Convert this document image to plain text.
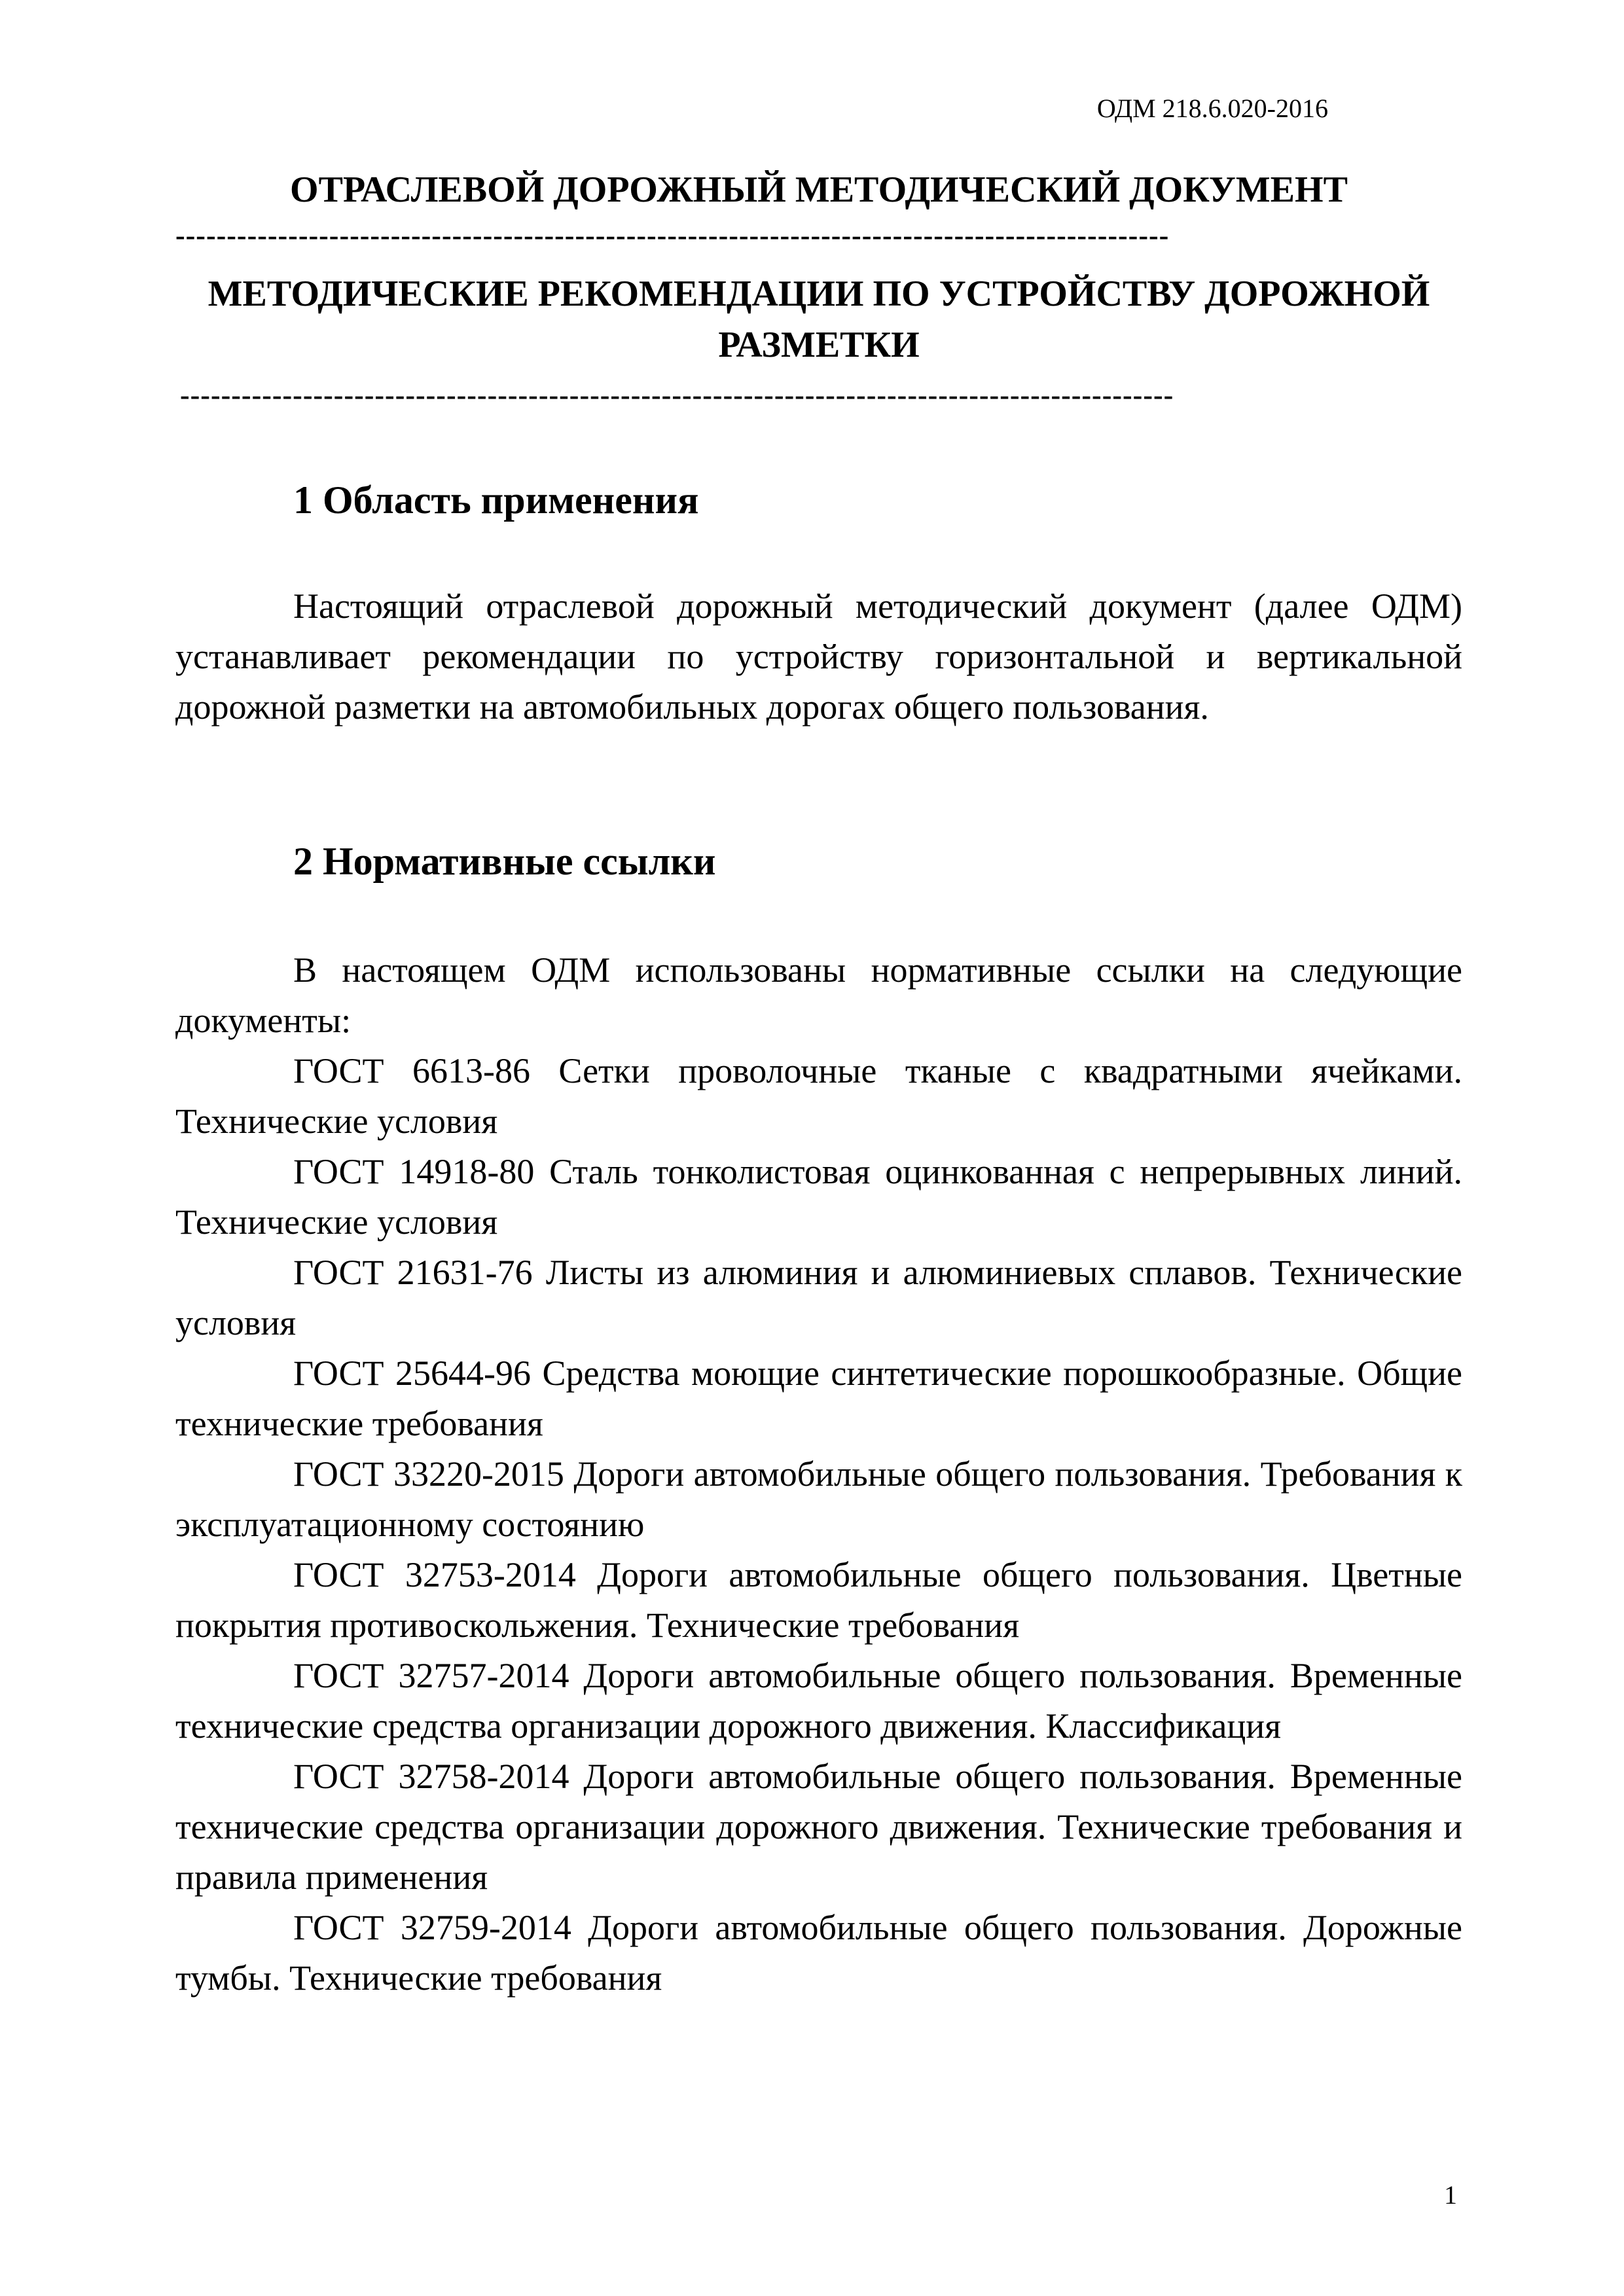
ОДМ 218.6.020-2016
ОТРАСЛЕВОЙ ДОРОЖНЫЙ МЕТОДИЧЕСКИЙ ДОКУМЕНТ
-------------------------------------------------------------------------------------------------
МЕТОДИЧЕСКИЕ РЕКОМЕНДАЦИИ ПО УСТРОЙСТВУ ДОРОЖНОЙ РАЗМЕТКИ
-------------------------------------------------------------------------------------------------
1 Область применения

Настоящий отраслевой дорожный методический документ (далее ОДМ) устанавливает рекомендации по устройству горизонтальной и вертикальной дорожной разметки на автомобильных дорогах общего пользования.

2 Нормативные ссылки

В настоящем ОДМ использованы нормативные ссылки на следующие документы:

ГОСТ 6613-86 Сетки проволочные тканые с квадратными ячейками. Технические условия

ГОСТ 14918-80 Сталь тонколистовая оцинкованная с непрерывных линий. Технические условия

ГОСТ 21631-76 Листы из алюминия и алюминиевых сплавов. Технические условия

ГОСТ 25644-96 Средства моющие синтетические порошкообразные. Общие технические требования

ГОСТ 33220-2015 Дороги автомобильные общего пользования. Требования к эксплуатационному состоянию

ГОСТ 32753-2014 Дороги автомобильные общего пользования. Цветные покрытия противоскольжения. Технические требования

ГОСТ 32757-2014 Дороги автомобильные общего пользования. Временные технические средства организации дорожного движения. Классификация

ГОСТ 32758-2014 Дороги автомобильные общего пользования. Временные технические средства организации дорожного движения. Технические требования и правила применения

ГОСТ 32759-2014 Дороги автомобильные общего пользования. Дорожные тумбы. Технические требования

1
